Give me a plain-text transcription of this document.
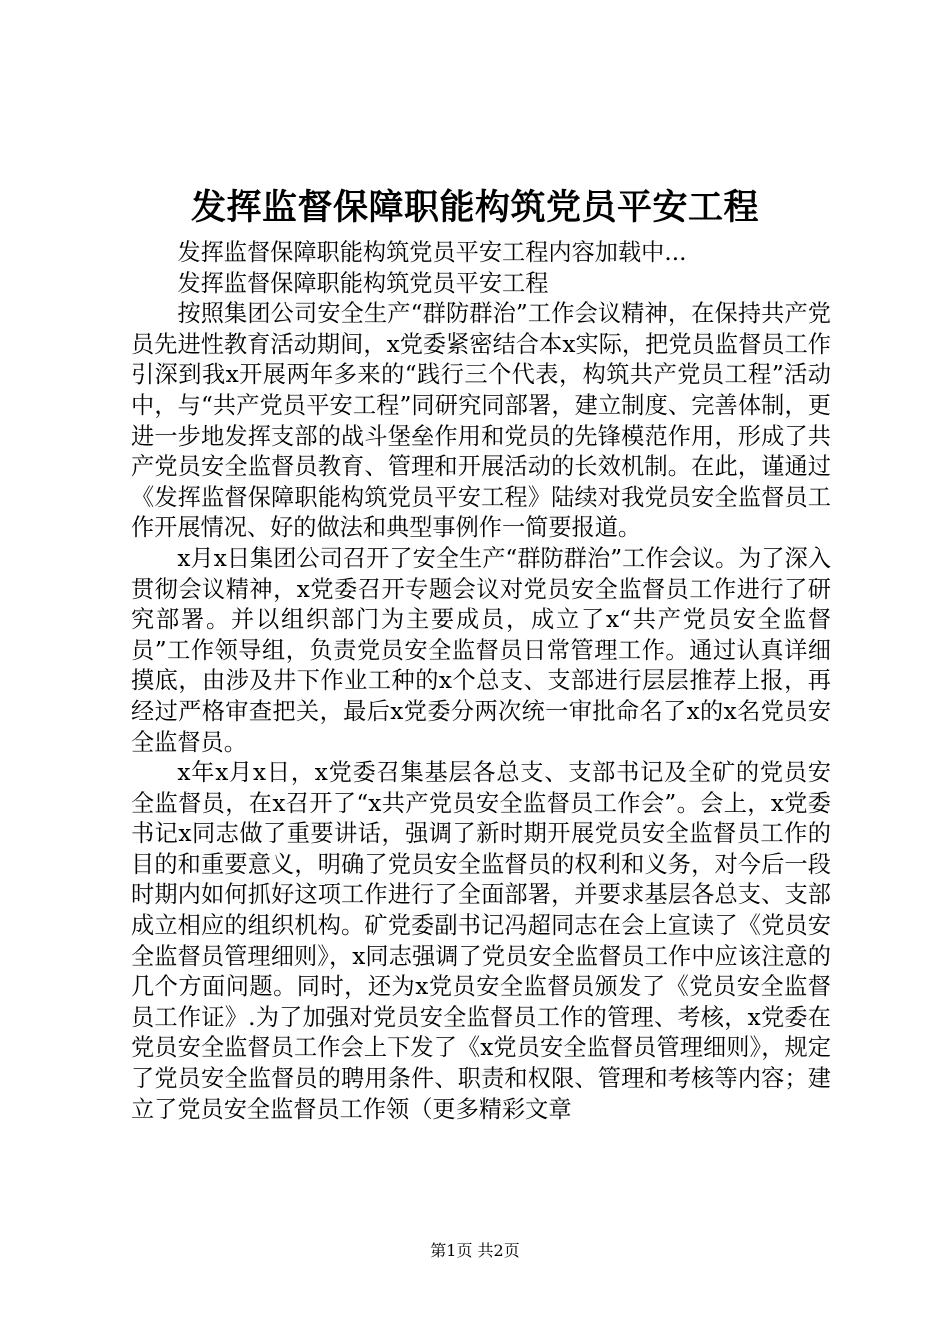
发挥监督保障职能构筑党员平安工程

发挥监督保障职能构筑党员平安工程内容加载中...

发挥监督保障职能构筑党员平安工程

按照集团公司安全生产“群防群治”工作会议精神，在保持共产党员先进性教育活动期间，x党委紧密结合本x实际，把党员监督员工作引深到我x开展两年多来的“践行三个代表，构筑共产党员工程”活动中，与“共产党员平安工程”同研究同部署，建立制度、完善体制，更进一步地发挥支部的战斗堡垒作用和党员的先锋模范作用，形成了共产党员安全监督员教育、管理和开展活动的长效机制。在此，谨通过《发挥监督保障职能构筑党员平安工程》陆续对我党员安全监督员工作开展情况、好的做法和典型事例作一简要报道。

x月x日集团公司召开了安全生产“群防群治”工作会议。为了深入贯彻会议精神，x党委召开专题会议对党员安全监督员工作进行了研究部署。并以组织部门为主要成员，成立了x“共产党员安全监督员”工作领导组，负责党员安全监督员日常管理工作。通过认真详细摸底，由涉及井下作业工种的x个总支、支部进行层层推荐上报，再经过严格审查把关，最后x党委分两次统一审批命名了x的x名党员安全监督员。

x年x月x日，x党委召集基层各总支、支部书记及全矿的党员安全监督员，在x召开了“x共产党员安全监督员工作会”。会上，x党委书记x同志做了重要讲话，强调了新时期开展党员安全监督员工作的目的和重要意义，明确了党员安全监督员的权利和义务，对今后一段时期内如何抓好这项工作进行了全面部署，并要求基层各总支、支部成立相应的组织机构。矿党委副书记冯超同志在会上宣读了《党员安全监督员管理细则》，x同志强调了党员安全监督员工作中应该注意的几个方面问题。同时，还为x党员安全监督员颁发了《党员安全监督员工作证》.为了加强对党员安全监督员工作的管理、考核，x党委在党员安全监督员工作会上下发了《x党员安全监督员管理细则》，规定了党员安全监督员的聘用条件、职责和权限、管理和考核等内容；建立了党员安全监督员工作领（更多精彩文章

第1页 共2页
